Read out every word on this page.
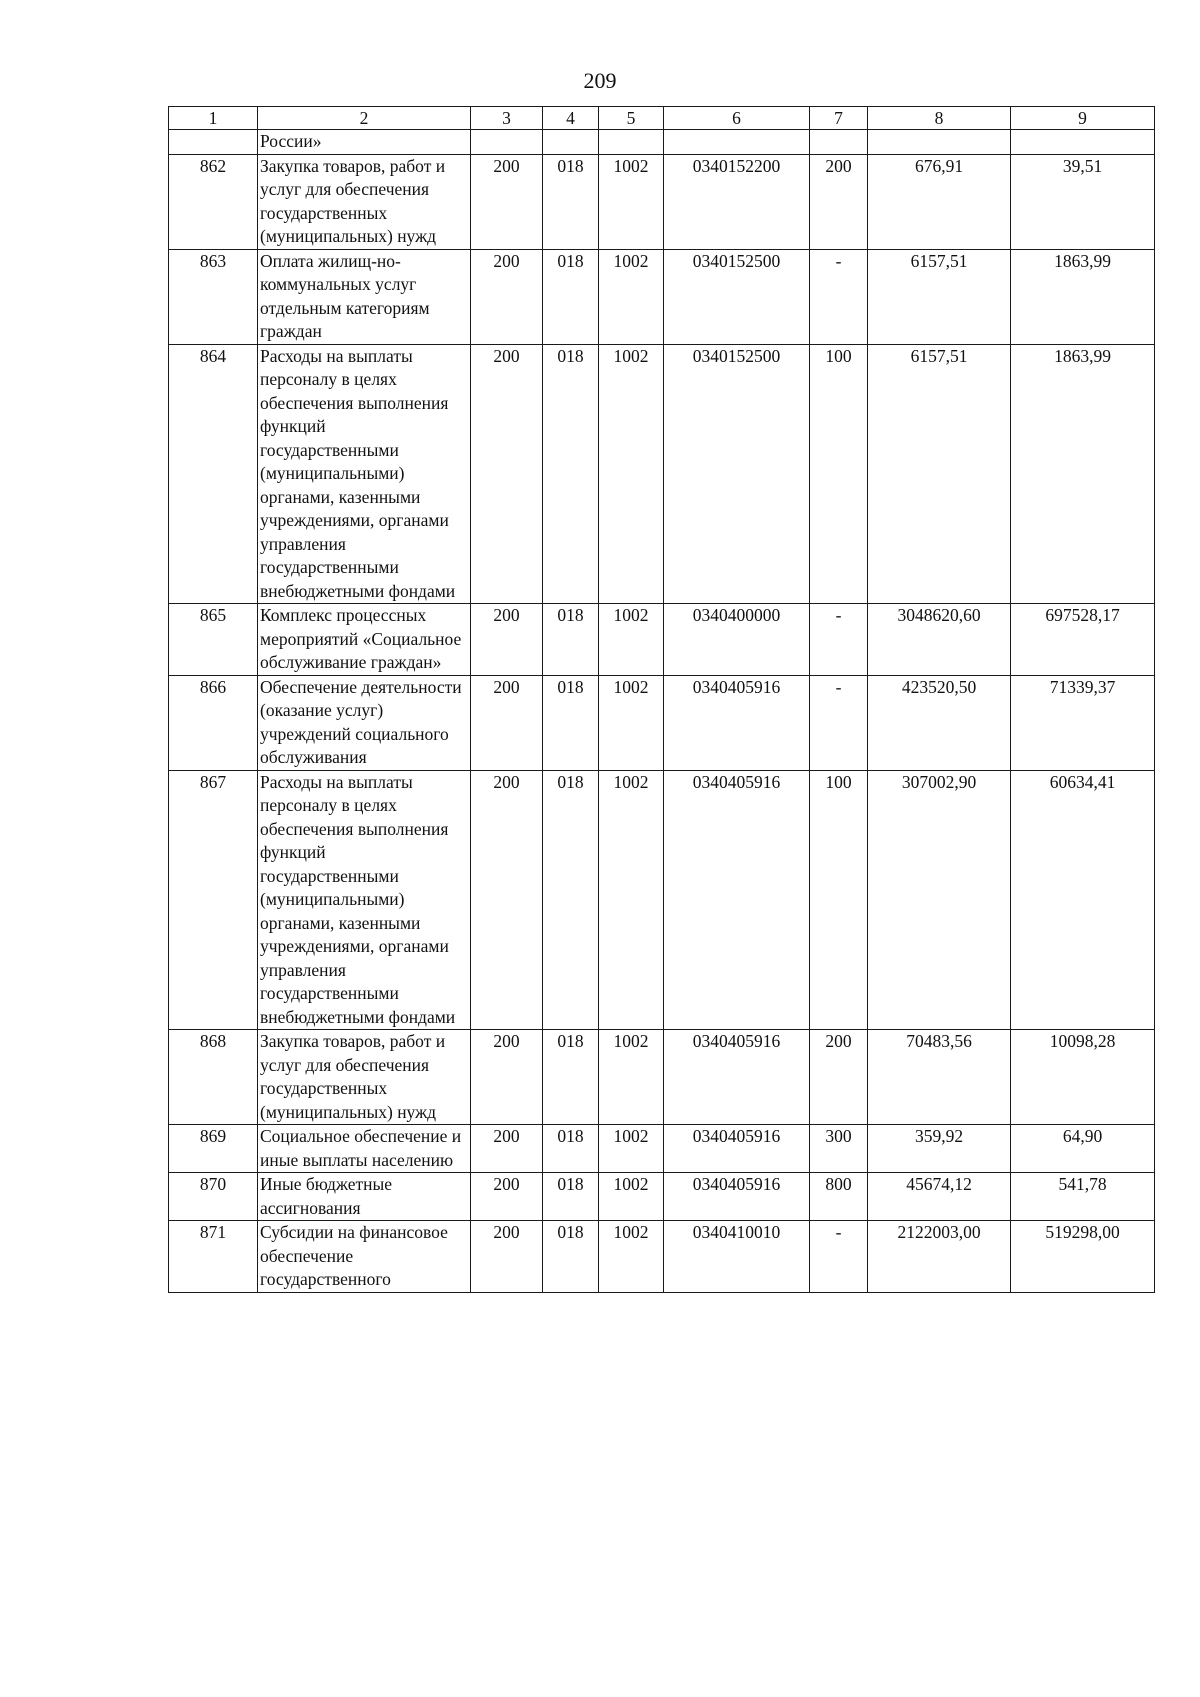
209
1	2	3	4	5	6	7	8	9
	России»							
862	Закупка товаров, работ и услуг для обеспечения государственных (муниципальных) нужд	200	018	1002	0340152200	200	676,91	39,51
863	Оплата жилищ-но-коммунальных услуг отдельным категориям граждан	200	018	1002	0340152500	-	6157,51	1863,99
864	Расходы на выплаты персоналу в целях обеспечения выполнения функций государственными (муниципальными) органами, казенными учреждениями, органами управления государственными внебюджетными фондами	200	018	1002	0340152500	100	6157,51	1863,99
865	Комплекс процессных мероприятий «Социальное обслуживание граждан»	200	018	1002	0340400000	-	3048620,60	697528,17
866	Обеспечение деятельности (оказание услуг) учреждений социального обслуживания	200	018	1002	0340405916	-	423520,50	71339,37
867	Расходы на выплаты персоналу в целях обеспечения выполнения функций государственными (муниципальными) органами, казенными учреждениями, органами управления государственными внебюджетными фондами	200	018	1002	0340405916	100	307002,90	60634,41
868	Закупка товаров, работ и услуг для обеспечения государственных (муниципальных) нужд	200	018	1002	0340405916	200	70483,56	10098,28
869	Социальное обеспечение и иные выплаты населению	200	018	1002	0340405916	300	359,92	64,90
870	Иные бюджетные ассигнования	200	018	1002	0340405916	800	45674,12	541,78
871	Субсидии на финансовое обеспечение государственного	200	018	1002	0340410010	-	2122003,00	519298,00
